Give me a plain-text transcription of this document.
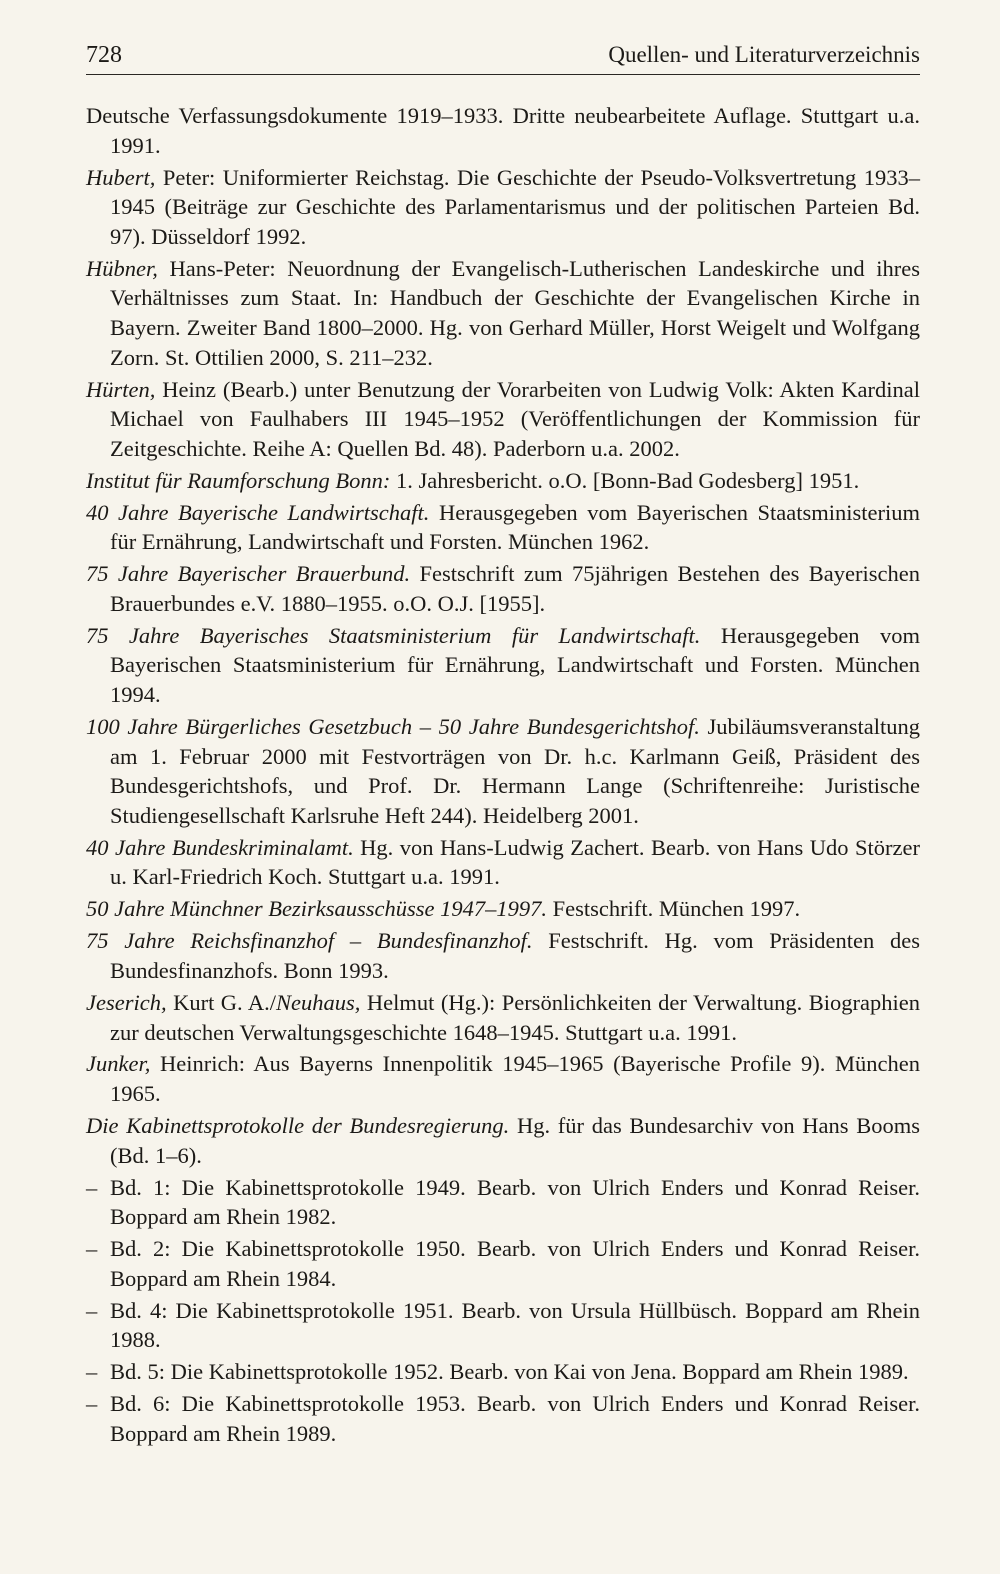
728	Quellen- und Literaturverzeichnis
Deutsche Verfassungsdokumente 1919–1933. Dritte neubearbeitete Auflage. Stuttgart u.a. 1991.
Hubert, Peter: Uniformierter Reichstag. Die Geschichte der Pseudo-Volksvertretung 1933–1945 (Beiträge zur Geschichte des Parlamentarismus und der politischen Parteien Bd. 97). Düsseldorf 1992.
Hübner, Hans-Peter: Neuordnung der Evangelisch-Lutherischen Landeskirche und ihres Verhältnisses zum Staat. In: Handbuch der Geschichte der Evangelischen Kirche in Bayern. Zweiter Band 1800–2000. Hg. von Gerhard Müller, Horst Weigelt und Wolfgang Zorn. St. Ottilien 2000, S. 211–232.
Hürten, Heinz (Bearb.) unter Benutzung der Vorarbeiten von Ludwig Volk: Akten Kardinal Michael von Faulhabers III 1945–1952 (Veröffentlichungen der Kommission für Zeitgeschichte. Reihe A: Quellen Bd. 48). Paderborn u.a. 2002.
Institut für Raumforschung Bonn: 1. Jahresbericht. o.O. [Bonn-Bad Godesberg] 1951.
40 Jahre Bayerische Landwirtschaft. Herausgegeben vom Bayerischen Staatsministerium für Ernährung, Landwirtschaft und Forsten. München 1962.
75 Jahre Bayerischer Brauerbund. Festschrift zum 75jährigen Bestehen des Bayerischen Brauerbundes e.V. 1880–1955. o.O. O.J. [1955].
75 Jahre Bayerisches Staatsministerium für Landwirtschaft. Herausgegeben vom Bayerischen Staatsministerium für Ernährung, Landwirtschaft und Forsten. München 1994.
100 Jahre Bürgerliches Gesetzbuch – 50 Jahre Bundesgerichtshof. Jubiläumsveranstaltung am 1. Februar 2000 mit Festvorträgen von Dr. h.c. Karlmann Geiß, Präsident des Bundesgerichtshofs, und Prof. Dr. Hermann Lange (Schriftenreihe: Juristische Studiengesellschaft Karlsruhe Heft 244). Heidelberg 2001.
40 Jahre Bundeskriminalamt. Hg. von Hans-Ludwig Zachert. Bearb. von Hans Udo Störzer u. Karl-Friedrich Koch. Stuttgart u.a. 1991.
50 Jahre Münchner Bezirksausschüsse 1947–1997. Festschrift. München 1997.
75 Jahre Reichsfinanzhof – Bundesfinanzhof. Festschrift. Hg. vom Präsidenten des Bundesfinanzhofs. Bonn 1993.
Jeserich, Kurt G. A./Neuhaus, Helmut (Hg.): Persönlichkeiten der Verwaltung. Biographien zur deutschen Verwaltungsgeschichte 1648–1945. Stuttgart u.a. 1991.
Junker, Heinrich: Aus Bayerns Innenpolitik 1945–1965 (Bayerische Profile 9). München 1965.
Die Kabinettsprotokolle der Bundesregierung. Hg. für das Bundesarchiv von Hans Booms (Bd. 1–6).
– Bd. 1: Die Kabinettsprotokolle 1949. Bearb. von Ulrich Enders und Konrad Reiser. Boppard am Rhein 1982.
– Bd. 2: Die Kabinettsprotokolle 1950. Bearb. von Ulrich Enders und Konrad Reiser. Boppard am Rhein 1984.
– Bd. 4: Die Kabinettsprotokolle 1951. Bearb. von Ursula Hüllbüsch. Boppard am Rhein 1988.
– Bd. 5: Die Kabinettsprotokolle 1952. Bearb. von Kai von Jena. Boppard am Rhein 1989.
– Bd. 6: Die Kabinettsprotokolle 1953. Bearb. von Ulrich Enders und Konrad Reiser. Boppard am Rhein 1989.
